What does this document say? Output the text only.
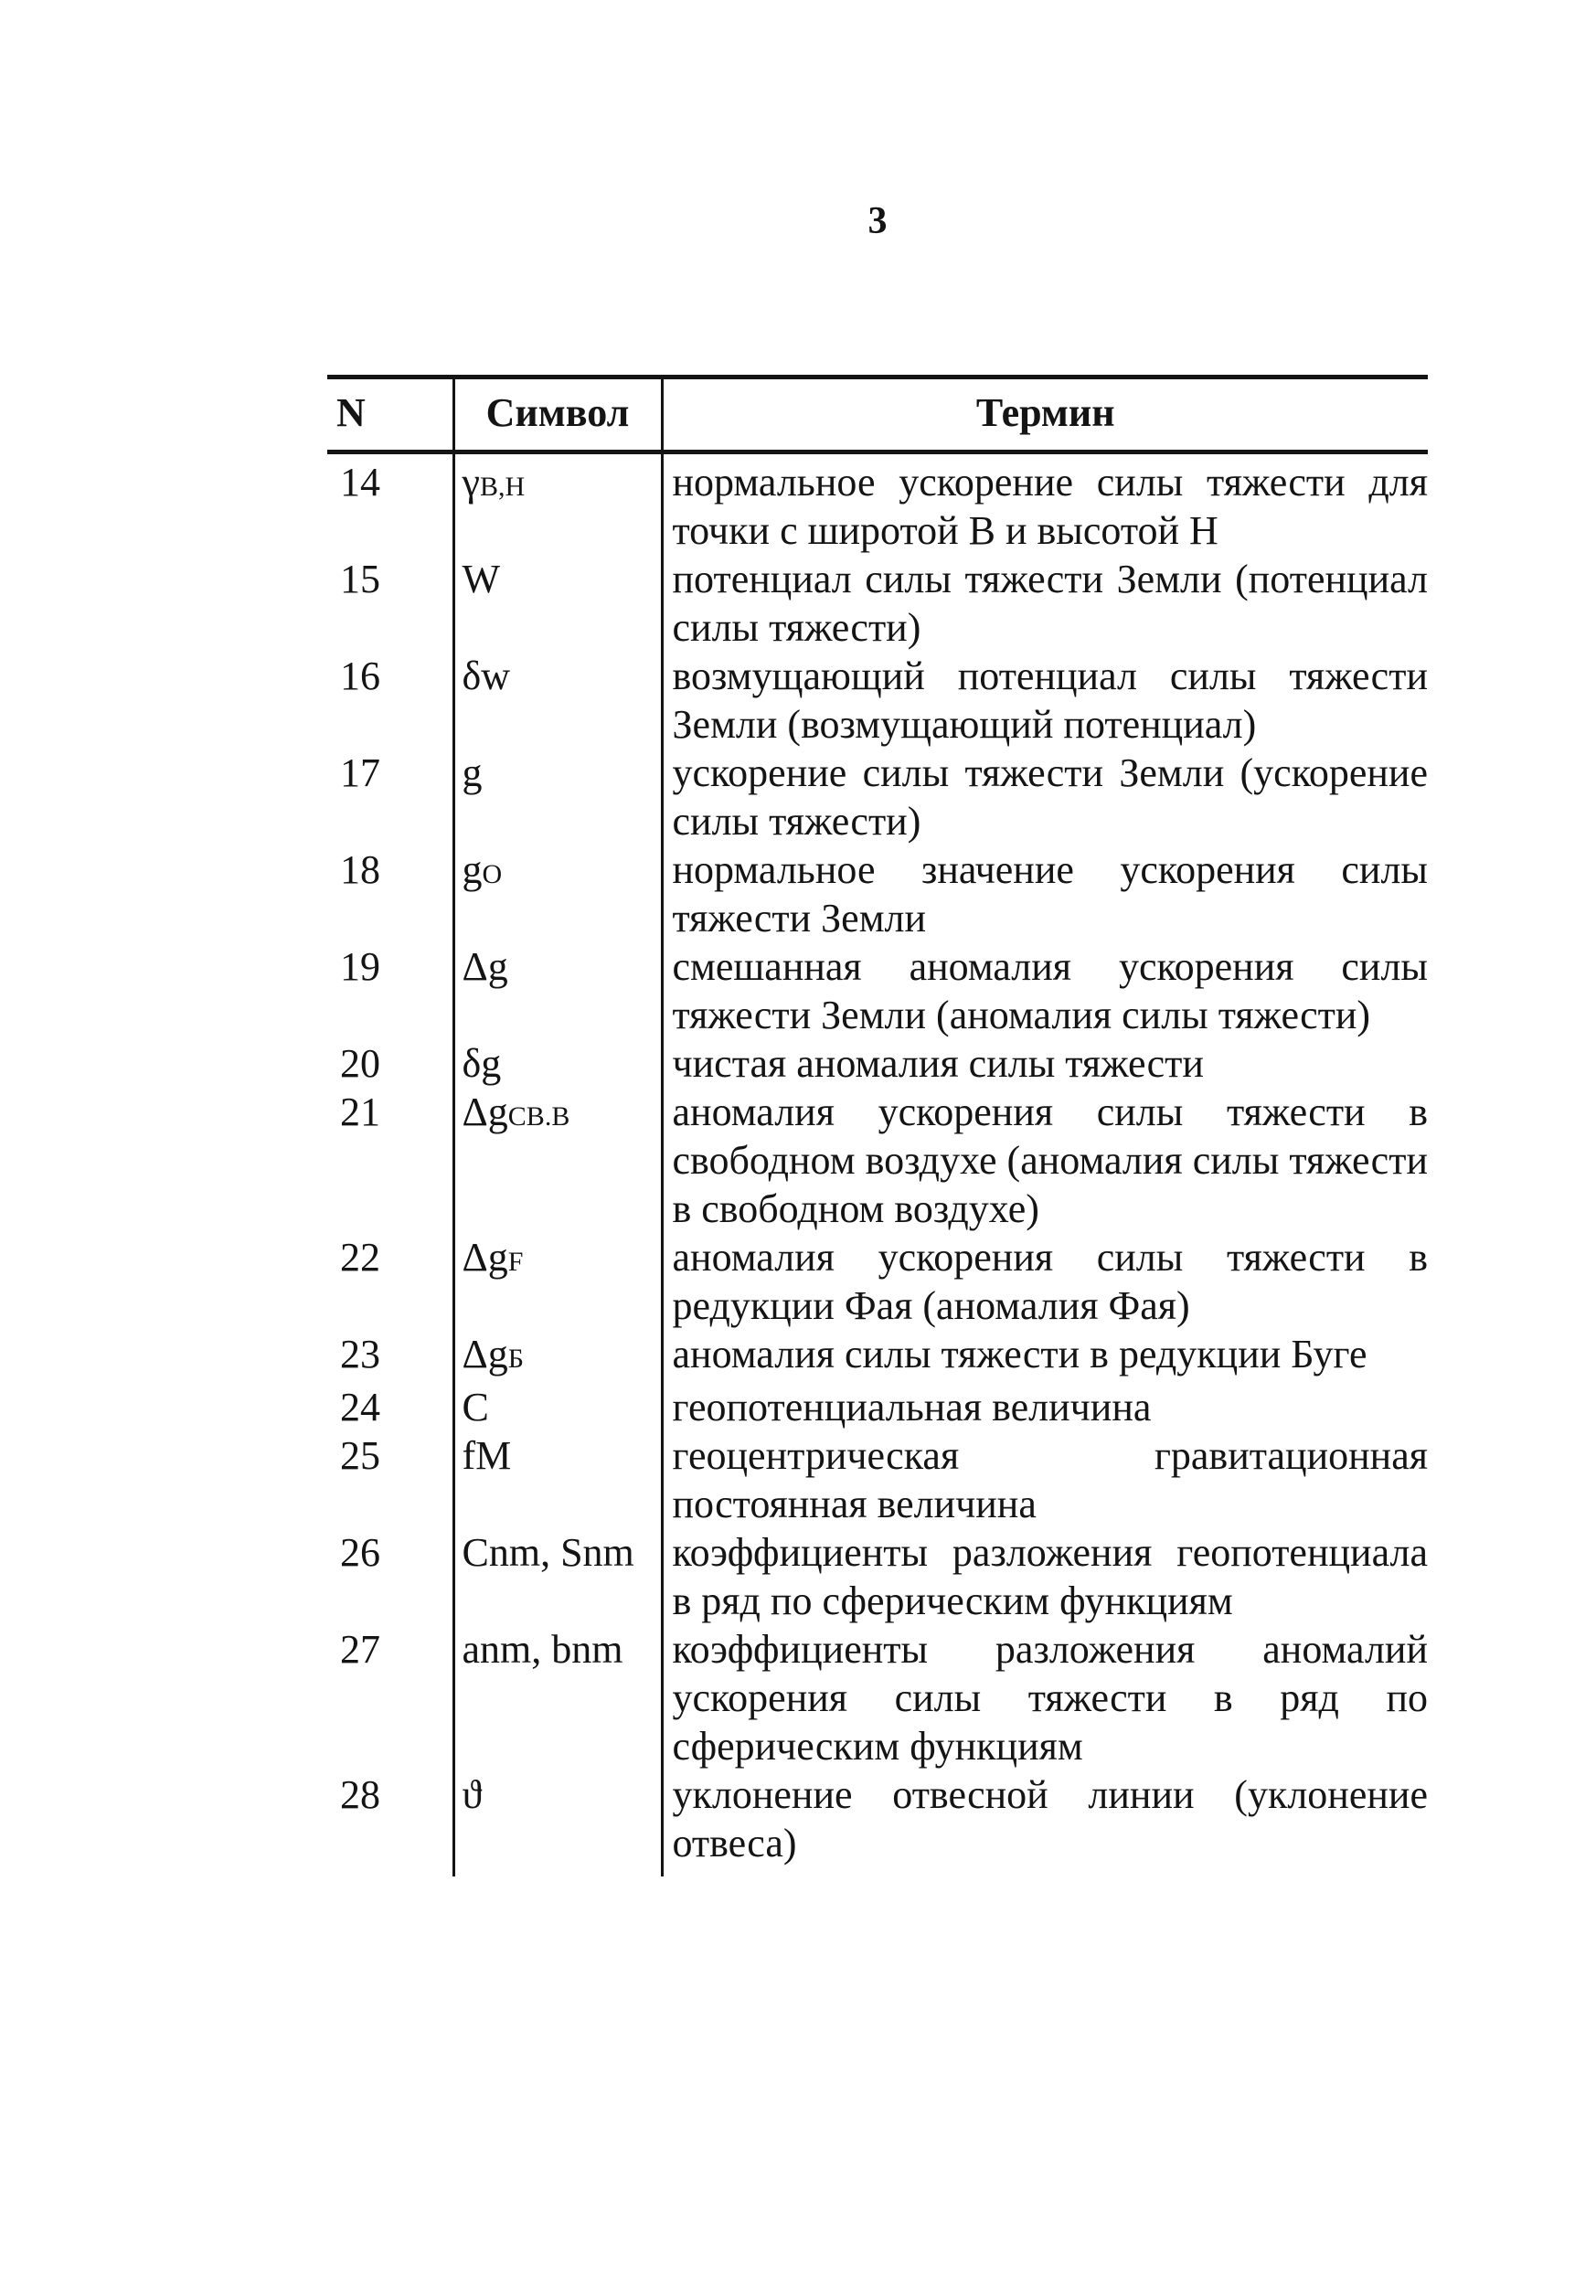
3
N	Символ	Термин
14	γB,H	нормальное ускорение силы тяжести для точки с широтой B и высотой H
15	W	потенциал силы тяжести Земли (потенциал силы тяжести)
16	δw	возмущающий потенциал силы тяжести Земли (возмущающий потенциал)
17	g	ускорение силы тяжести Земли (ускорение силы тяжести)
18	gO	нормальное значение ускорения силы тяжести Земли
19	Δg	смешанная аномалия ускорения силы тяжести Земли (аномалия силы тяжести)
20	δg	чистая аномалия силы тяжести
21	ΔgСВ.В	аномалия ускорения силы тяжести в свободном воздухе (аномалия силы тяжести в свободном воздухе)
22	ΔgF	аномалия ускорения силы тяжести в редукции Фая (аномалия Фая)
23	ΔgБ	аномалия силы тяжести в редукции Буге
24	C	геопотенциальная величина
25	fM	геоцентрическая гравитационная постоянная величина
26	Cnm, Snm	коэффициенты разложения геопотенциала в ряд по сферическим функциям
27	anm, bnm	коэффициенты разложения аномалий ускорения силы тяжести в ряд по сферическим функциям
28	ϑ	уклонение отвесной линии (уклонение отвеса)
